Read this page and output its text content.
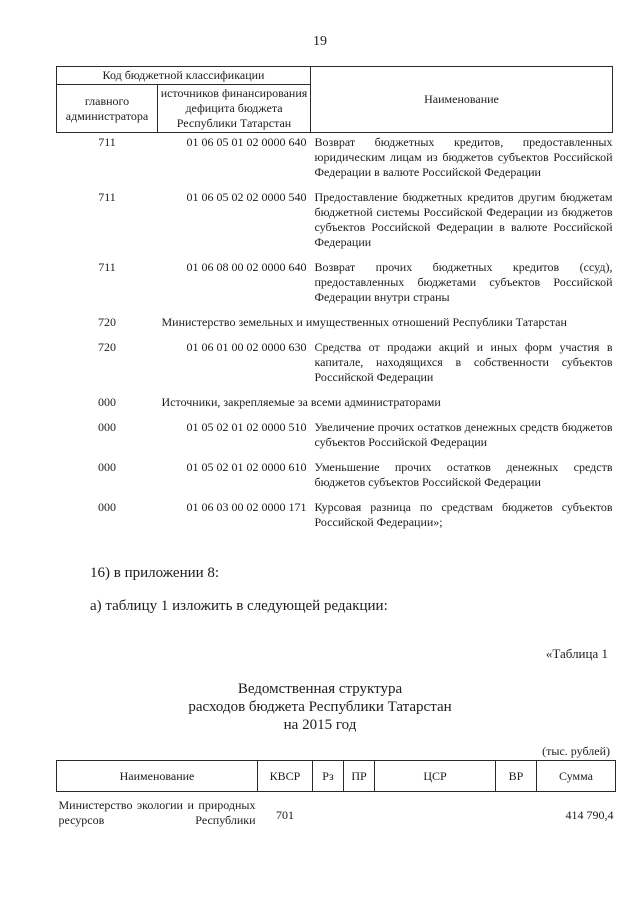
19
Код бюджетной классификации		Наименование
главного администратора	источников финансирования дефицита бюджета Республики Татарстан	
711	01 06 05 01 02 0000 640	Возврат бюджетных кредитов, предоставленных юридическим лицам из бюджетов субъектов Российской Федерации в валюте Российской Федерации
711	01 06 05 02 02 0000 540	Предоставление бюджетных кредитов другим бюджетам бюджетной системы Российской Федерации из бюджетов субъектов Российской Федерации в валюте Российской Федерации
711	01 06 08 00 02 0000 640	Возврат прочих бюджетных кредитов (ссуд), предоставленных бюджетами субъектов Российской Федерации внутри страны
720	Министерство земельных и имущественных отношений Республики Татарстан	
720	01 06 01 00 02 0000 630	Средства от продажи акций и иных форм участия в капитале, находящихся в собственности субъектов Российской Федерации
000	Источники, закрепляемые за всеми администраторами	
000	01 05 02 01 02 0000 510	Увеличение прочих остатков денежных средств бюджетов субъектов Российской Федерации
000	01 05 02 01 02 0000 610	Уменьшение прочих остатков денежных средств бюджетов субъектов Российской Федерации
000	01 06 03 00 02 0000 171	Курсовая разница по средствам бюджетов субъектов Российской Федерации»;
16) в приложении 8:
а) таблицу 1 изложить в следующей редакции:
«Таблица 1
Ведомственная структура
расходов бюджета Республики Татарстан
на 2015 год
(тыс. рублей)
Наименование	КВСР	Рз	ПР	ЦСР	ВР	Сумма
Министерство экологии и природных ресурсов Республики	701					414 790,4
